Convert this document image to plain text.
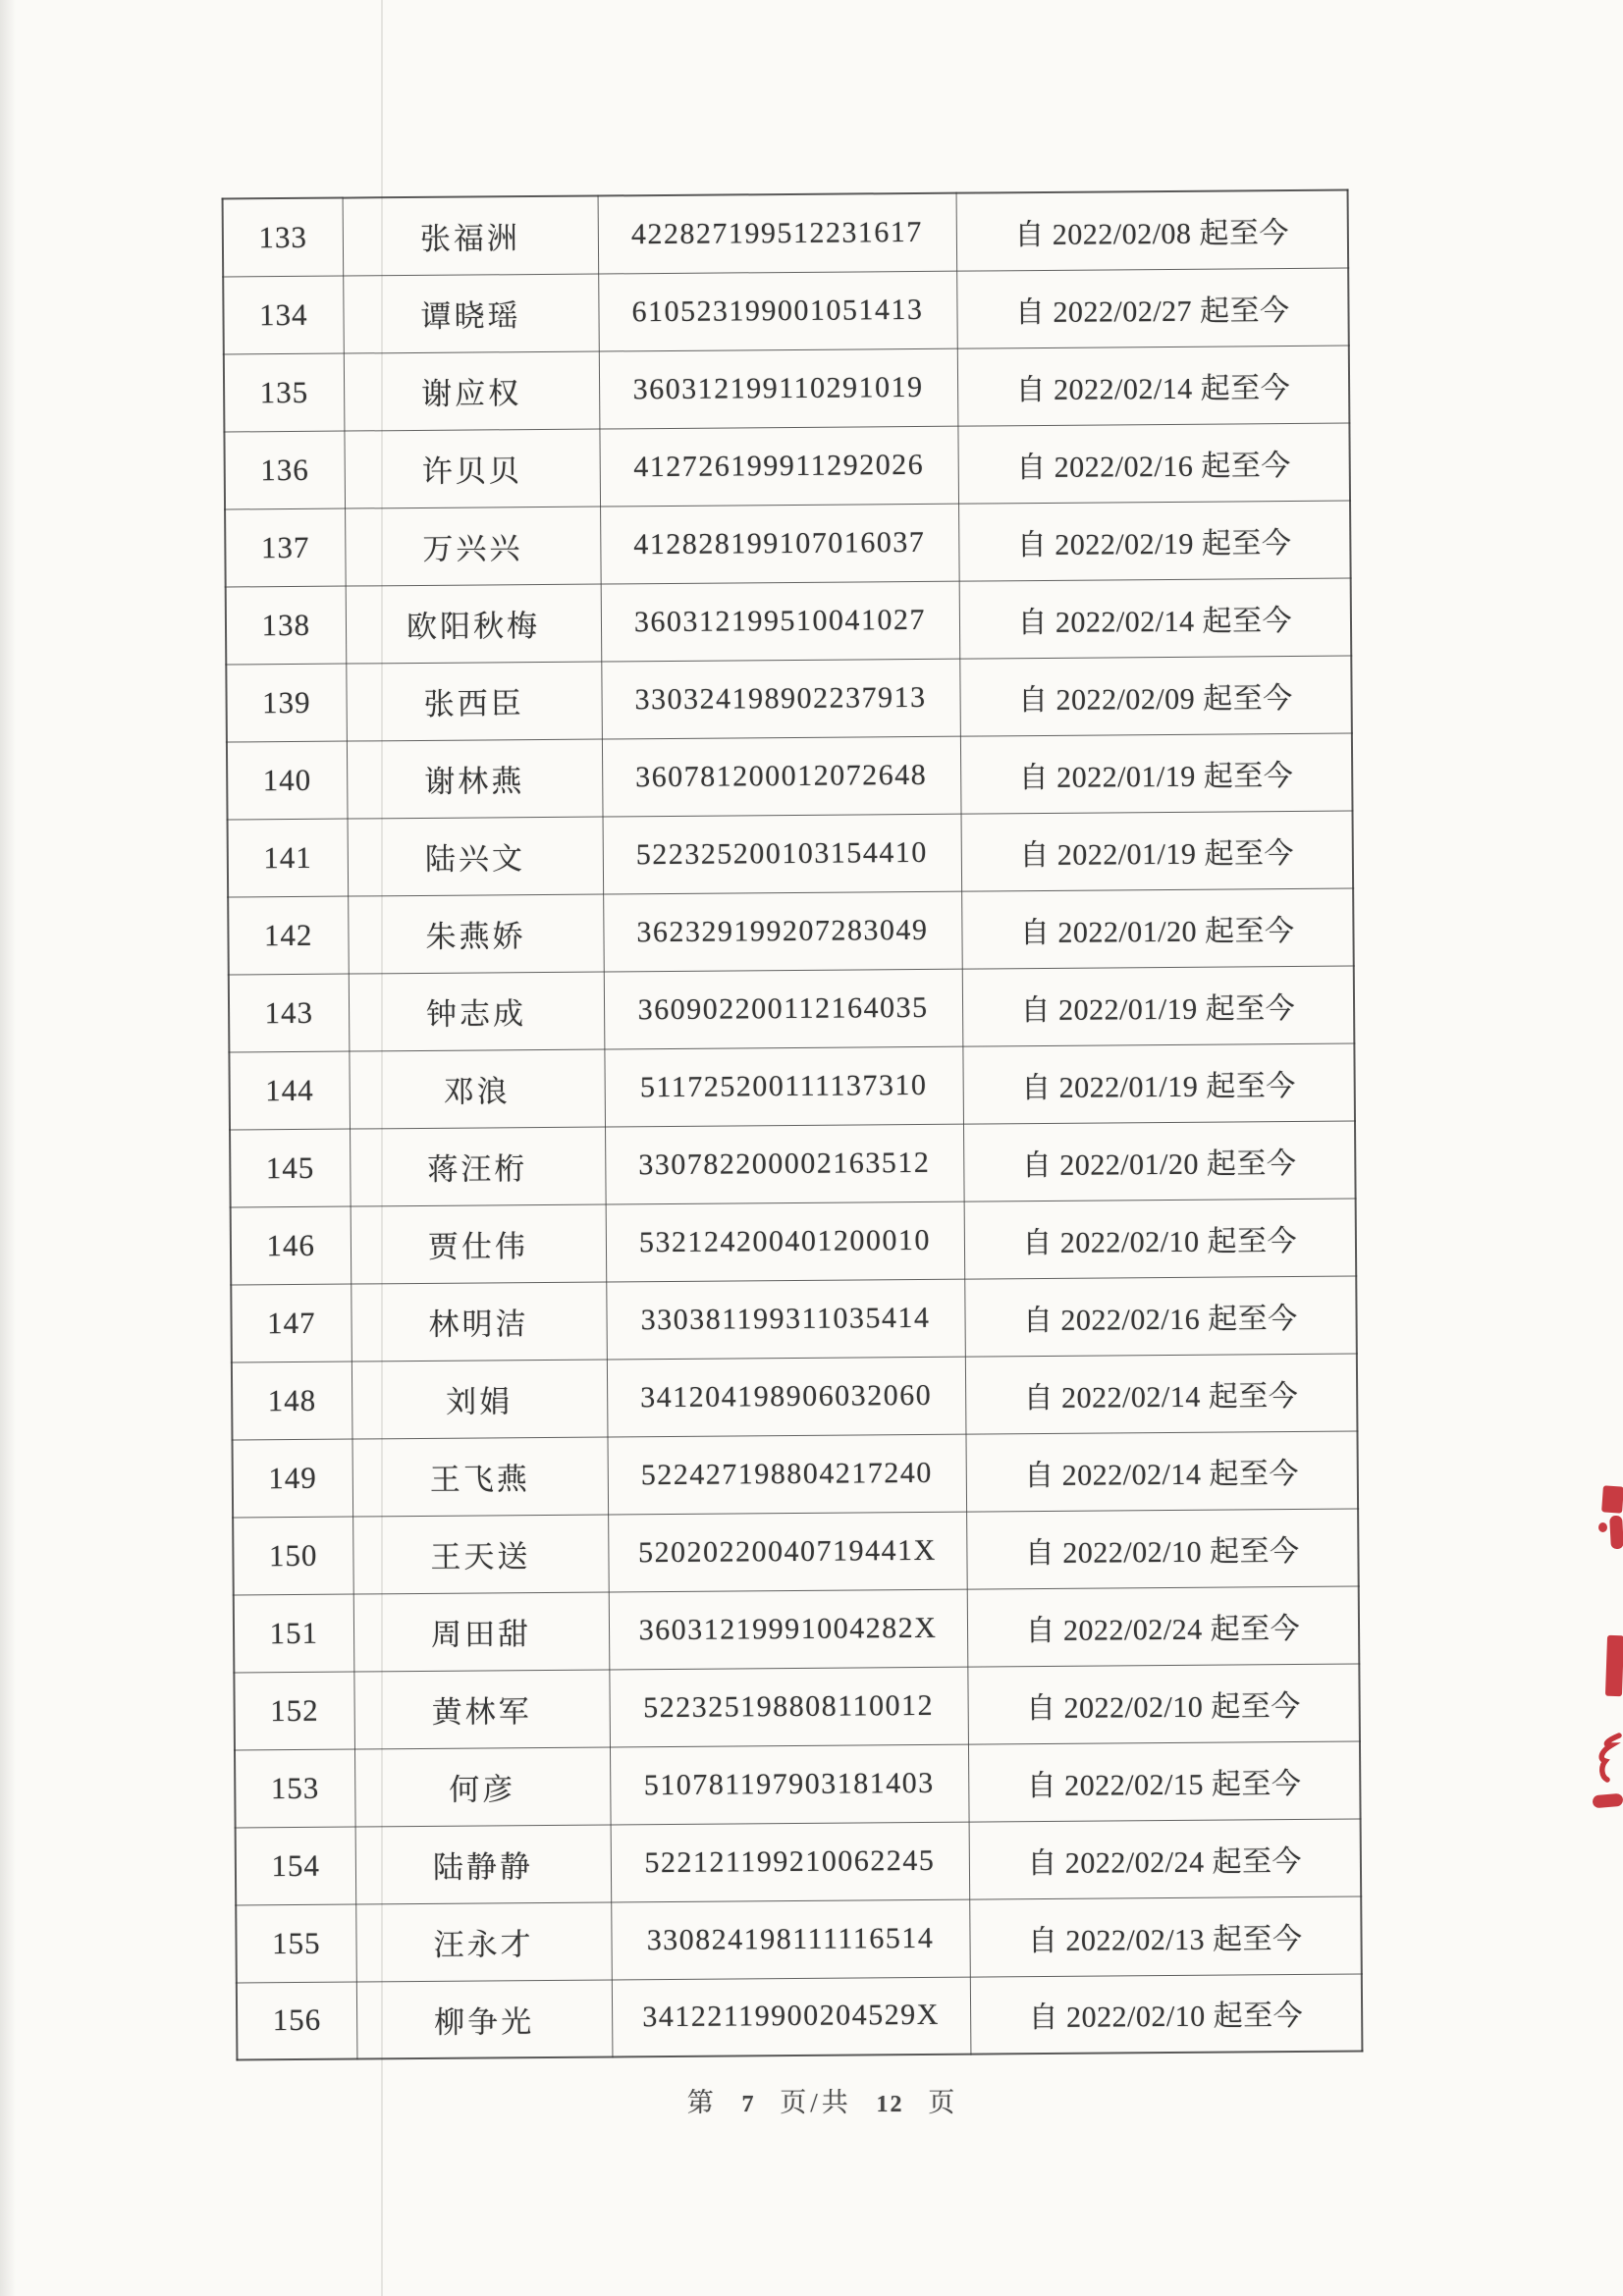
133	张福洲	422827199512231617	自 2022/02/08 起至今
134	谭晓瑶	610523199001051413	自 2022/02/27 起至今
135	谢应权	360312199110291019	自 2022/02/14 起至今
136	许贝贝	412726199911292026	自 2022/02/16 起至今
137	万兴兴	412828199107016037	自 2022/02/19 起至今
138	欧阳秋梅	360312199510041027	自 2022/02/14 起至今
139	张西臣	330324198902237913	自 2022/02/09 起至今
140	谢林燕	360781200012072648	自 2022/01/19 起至今
141	陆兴文	522325200103154410	自 2022/01/19 起至今
142	朱燕娇	362329199207283049	自 2022/01/20 起至今
143	钟志成	360902200112164035	自 2022/01/19 起至今
144	邓浪	511725200111137310	自 2022/01/19 起至今
145	蒋汪桁	330782200002163512	自 2022/01/20 起至今
146	贾仕伟	532124200401200010	自 2022/02/10 起至今
147	林明洁	330381199311035414	自 2022/02/16 起至今
148	刘娟	341204198906032060	自 2022/02/14 起至今
149	王飞燕	522427198804217240	自 2022/02/14 起至今
150	王天送	52020220040719441X	自 2022/02/10 起至今
151	周田甜	36031219991004282X	自 2022/02/24 起至今
152	黄林军	522325198808110012	自 2022/02/10 起至今
153	何彦	510781197903181403	自 2022/02/15 起至今
154	陆静静	522121199210062245	自 2022/02/24 起至今
155	汪永才	330824198111116514	自 2022/02/13 起至今
156	柳争光	34122119900204529X	自 2022/02/10 起至今
第 7 页/共 12 页
